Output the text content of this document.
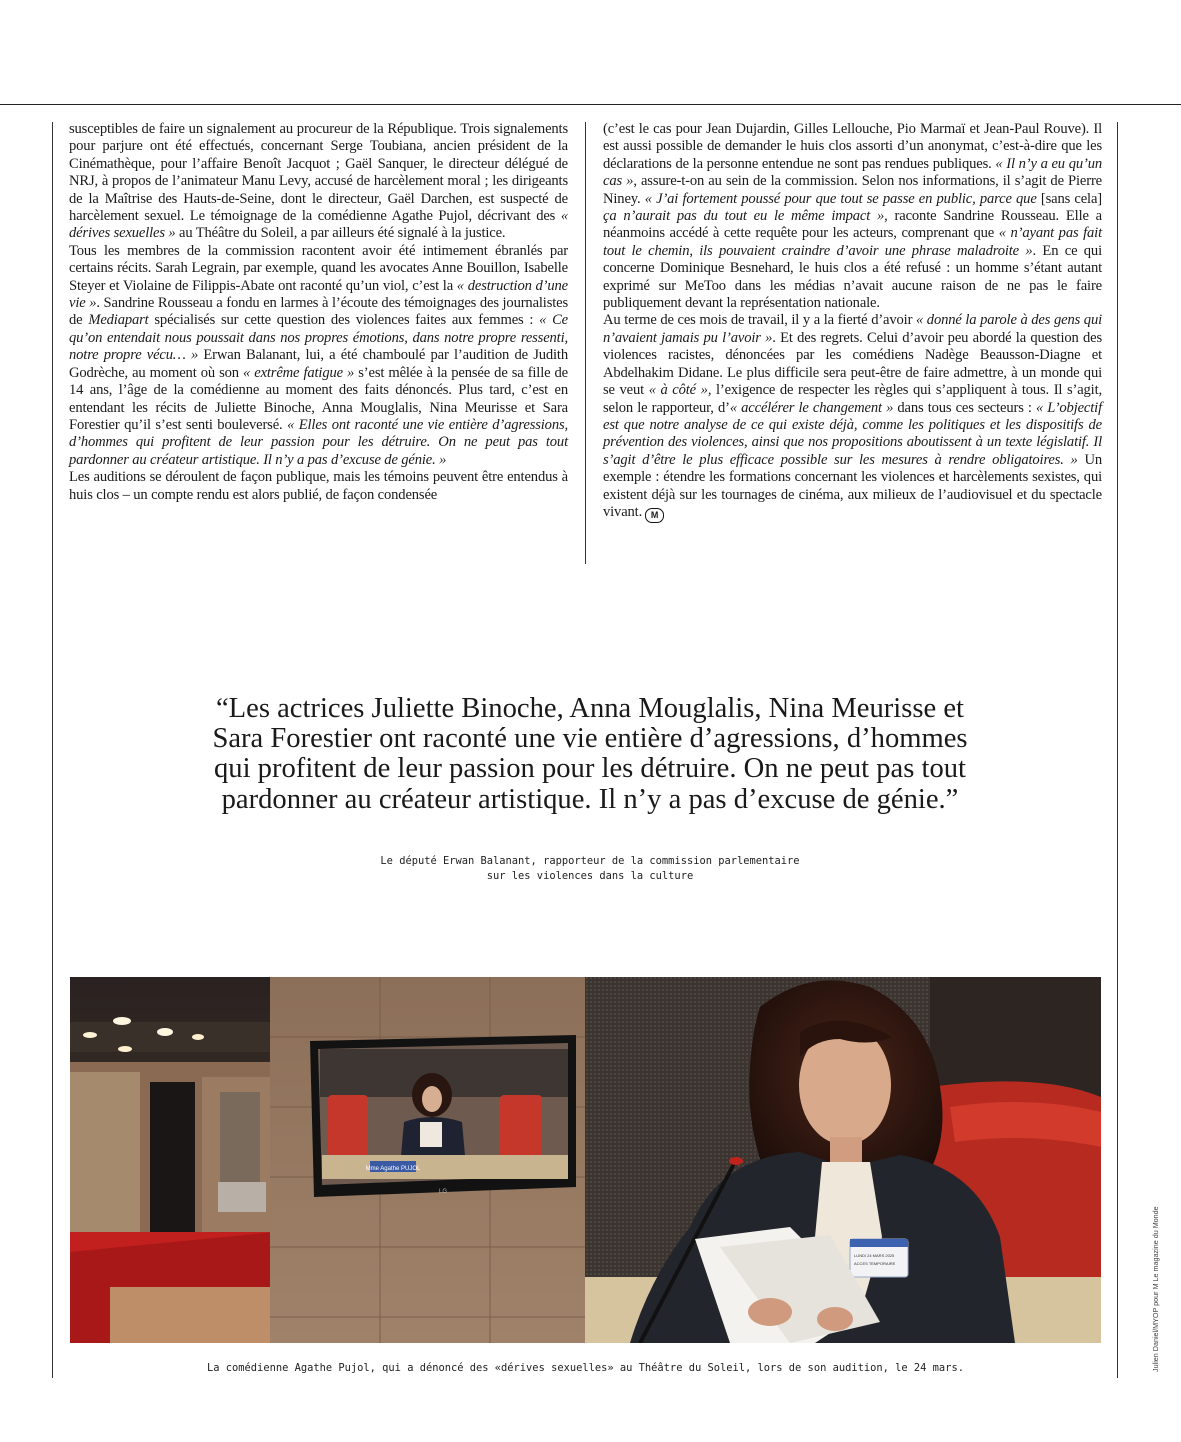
susceptibles de faire un signalement au procureur de la République. Trois signalements pour parjure ont été effectués, concernant Serge Toubiana, ancien président de la Cinémathèque, pour l’affaire Benoît Jacquot ; Gaël Sanquer, le directeur délégué de NRJ, à propos de l’animateur Manu Levy, accusé de harcèlement moral ; les dirigeants de la Maîtrise des Hauts-de-Seine, dont le directeur, Gaël Darchen, est suspecté de harcèlement sexuel. Le témoignage de la comédienne Agathe Pujol, décrivant des « dérives sexuelles » au Théâtre du Soleil, a par ailleurs été signalé à la justice.

Tous les membres de la commission racontent avoir été intimement ébranlés par certains récits. Sarah Legrain, par exemple, quand les avocates Anne Bouillon, Isabelle Steyer et Violaine de Filippis-Abate ont raconté qu’un viol, c’est la « destruction d’une vie ». Sandrine Rousseau a fondu en larmes à l’écoute des témoignages des journalistes de Mediapart spécialisés sur cette question des violences faites aux femmes : « Ce qu’on entendait nous poussait dans nos propres émotions, dans notre propre ressenti, notre propre vécu… » Erwan Balanant, lui, a été chamboulé par l’audition de Judith Godrèche, au moment où son « extrême fatigue » s’est mêlée à la pensée de sa fille de 14 ans, l’âge de la comédienne au moment des faits dénoncés. Plus tard, c’est en entendant les récits de Juliette Binoche, Anna Mouglalis, Nina Meurisse et Sara Forestier qu’il s’est senti bouleversé. « Elles ont raconté une vie entière d’agressions, d’hommes qui profitent de leur passion pour les détruire. On ne peut pas tout pardonner au créateur artistique. Il n’y a pas d’excuse de génie. »

Les auditions se déroulent de façon publique, mais les témoins peuvent être entendus à huis clos – un compte rendu est alors publié, de façon condensée

(c’est le cas pour Jean Dujardin, Gilles Lellouche, Pio Marmaï et Jean-Paul Rouve). Il est aussi possible de demander le huis clos assorti d’un anonymat, c’est-à-dire que les déclarations de la personne entendue ne sont pas rendues publiques. « Il n’y a eu qu’un cas », assure-t-on au sein de la commission. Selon nos informations, il s’agit de Pierre Niney. « J’ai fortement poussé pour que tout se passe en public, parce que [sans cela] ça n’aurait pas du tout eu le même impact », raconte Sandrine Rousseau. Elle a néanmoins accédé à cette requête pour les acteurs, comprenant que « n’ayant pas fait tout le chemin, ils pouvaient craindre d’avoir une phrase maladroite ». En ce qui concerne Dominique Besnehard, le huis clos a été refusé : un homme s’étant autant exprimé sur MeToo dans les médias n’avait aucune raison de ne pas le faire publiquement devant la représentation nationale.

Au terme de ces mois de travail, il y a la fierté d’avoir « donné la parole à des gens qui n’avaient jamais pu l’avoir ». Et des regrets. Celui d’avoir peu abordé la question des violences racistes, dénoncées par les comédiens Nadège Beausson-Diagne et Abdelhakim Didane. Le plus difficile sera peut-être de faire admettre, à un monde qui se veut « à côté », l’exigence de respecter les règles qui s’appliquent à tous. Il s’agit, selon le rapporteur, d’« accélérer le changement » dans tous ces secteurs : « L’objectif est que notre analyse de ce qui existe déjà, comme les politiques et les dispositifs de prévention des violences, ainsi que nos propositions aboutissent à un texte législatif. Il s’agit d’être le plus efficace possible sur les mesures à rendre obligatoires. » Un exemple : étendre les formations concernant les violences et harcèlements sexistes, qui existent déjà sur les tournages de cinéma, aux milieux de l’audiovisuel et du spectacle vivant. M

“Les actrices Juliette Binoche, Anna Mouglalis, Nina Meurisse et Sara Forestier ont raconté une vie entière d’agressions, d’hommes qui profitent de leur passion pour les détruire. On ne peut pas tout pardonner au créateur artistique. Il n’y a pas d’excuse de génie.”

Le député Erwan Balanant, rapporteur de la commission parlementaire
sur les violences dans la culture

Mme Agathe PUJOL
LG
LUNDI 24 MARS 2025
ACCES TEMPORAIRE

La comédienne Agathe Pujol, qui a dénoncé des «dérives sexuelles» au Théâtre du Soleil, lors de son audition, le 24 mars.	Julien Daniel/MYOP pour M Le magazine du Monde
